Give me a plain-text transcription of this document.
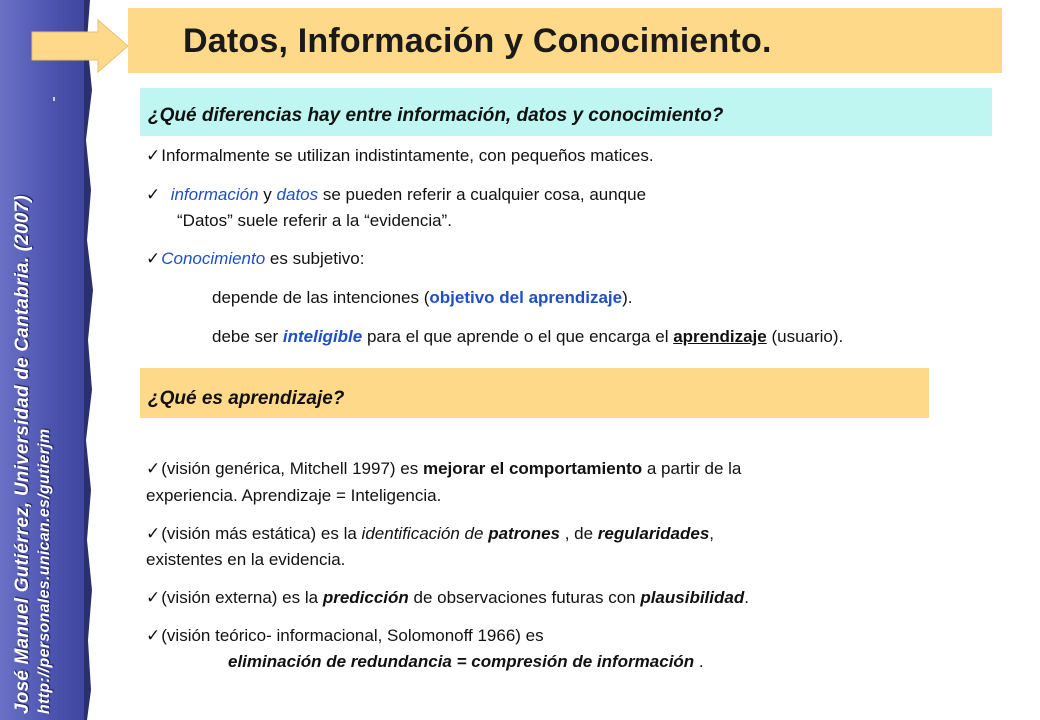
José Manuel Gutiérrez, Universidad de Cantabria. (2007)
http://personales.unican.es/gutierjm
Datos, Información y Conocimiento.
¿Qué diferencias hay entre información, datos y conocimiento?
✓Informalmente se utilizan indistintamente, con pequeños matices.
✓ información y datos se pueden referir a cualquier cosa, aunque
“Datos” suele referir a la “evidencia”.
✓Conocimiento es subjetivo:
depende de las intenciones (objetivo del aprendizaje).
debe ser inteligible para el que aprende o el que encarga el aprendizaje (usuario).
¿Qué es aprendizaje?
✓(visión genérica, Mitchell 1997) es mejorar el comportamiento a partir de la
experiencia. Aprendizaje = Inteligencia.
✓(visión más estática) es la identificación de patrones , de regularidades,
existentes en la evidencia.
✓(visión externa) es la predicción de observaciones futuras con plausibilidad.
✓(visión teórico- informacional, Solomonoff 1966) es
eliminación de redundancia = compresión de información .
